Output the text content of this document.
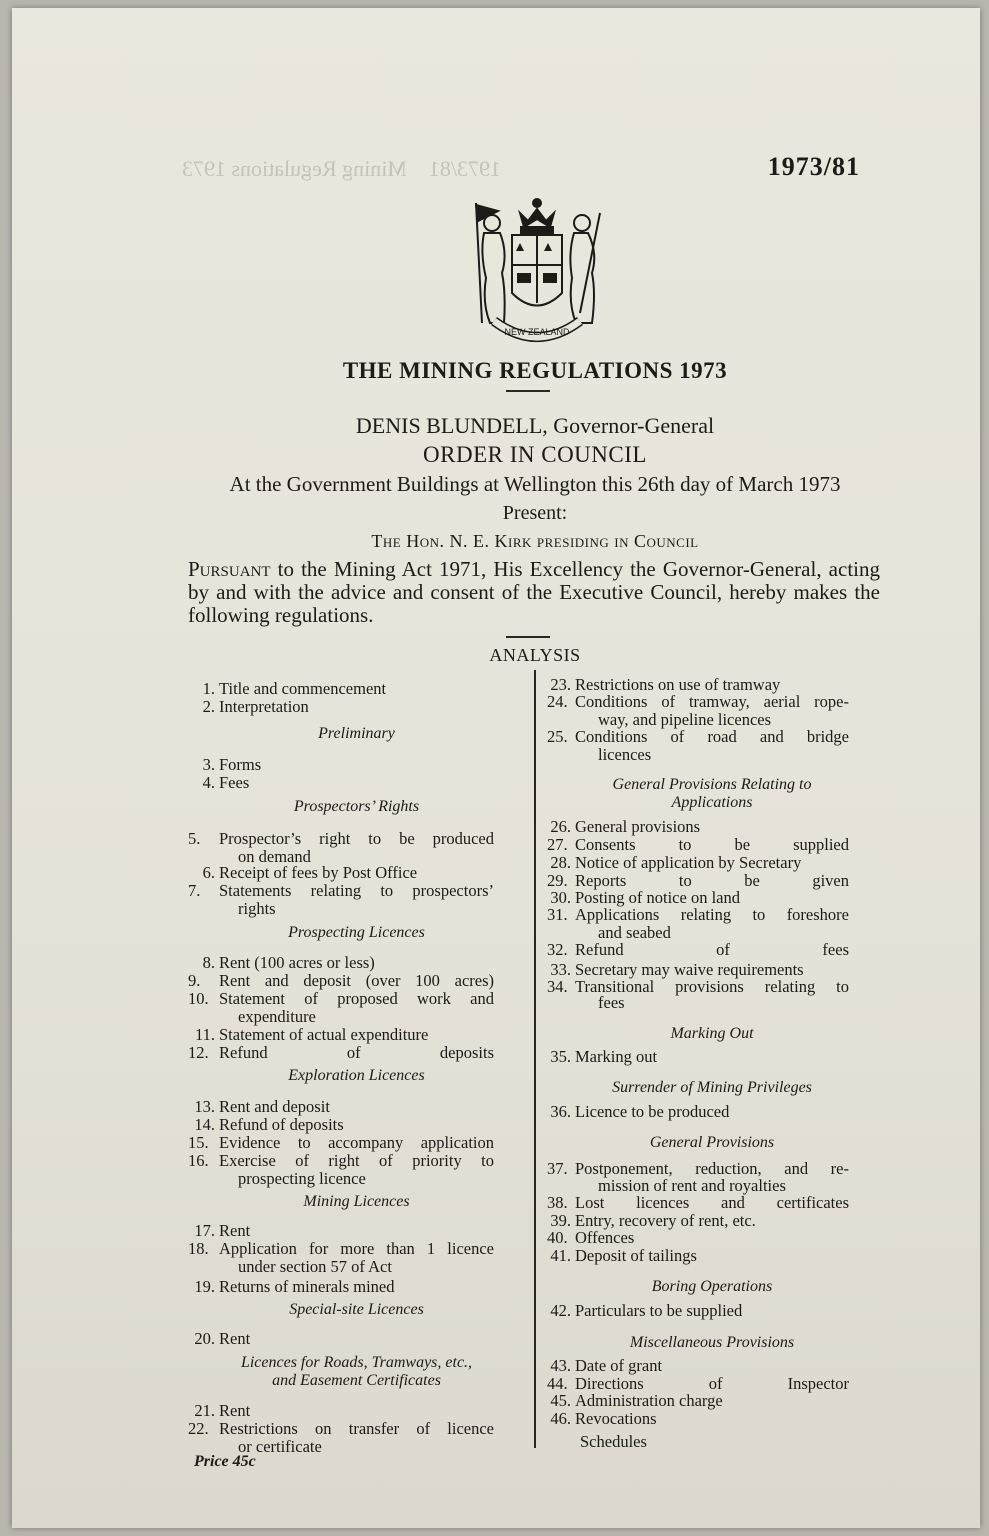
1973/81    Mining Regulations 1973	1973/81
NEW ZEALAND
THE MINING REGULATIONS 1973
DENIS BLUNDELL, Governor-General
ORDER IN COUNCIL
At the Government Buildings at Wellington this 26th day of March 1973
Present:
The Hon. N. E. Kirk presiding in Council
Pursuant to the Mining Act 1971, His Excellency the Governor-General, acting by and with the advice and consent of the Executive Council, hereby makes the following regulations.
ANALYSIS
1. Title and commencement
2. Interpretation
3. Forms
4. Fees
5. Prospector’s right to be produced
on demand
6. Receipt of fees by Post Office
7. Statements relating to prospectors’
rights
8. Rent (100 acres or less)
9. Rent and deposit (over 100 acres)
10. Statement of proposed work and
expenditure
11. Statement of actual expenditure
12. Refund of deposits
13. Rent and deposit
14. Refund of deposits
15. Evidence to accompany application
16. Exercise of right of priority to
prospecting licence
17. Rent
18. Application for more than 1 licence
under section 57 of Act
19. Returns of minerals mined
20. Rent
21. Rent
22. Restrictions on transfer of licence
or certificate
Preliminary
Prospectors’ Rights
Prospecting Licences
Exploration Licences
Mining Licences
Special-site Licences
Licences for Roads, Tramways, etc.,
and Easement Certificates
23. Restrictions on use of tramway
24. Conditions of tramway, aerial rope-
way, and pipeline licences
25. Conditions of road and bridge
licences
26. General provisions
27. Consents to be supplied
28. Notice of application by Secretary
29. Reports to be given
30. Posting of notice on land
31. Applications relating to foreshore
and seabed
32. Refund of fees
33. Secretary may waive requirements
34. Transitional provisions relating to
fees
35. Marking out
36. Licence to be produced
37. Postponement, reduction, and re-
mission of rent and royalties
38. Lost licences and certificates
39. Entry, recovery of rent, etc.
40. Offences
41. Deposit of tailings
42. Particulars to be supplied
43. Date of grant
44. Directions of Inspector
45. Administration charge
46. Revocations
General Provisions Relating to
Applications
Marking Out
Surrender of Mining Privileges
General Provisions
Boring Operations
Miscellaneous Provisions
Schedules
Price 45c
